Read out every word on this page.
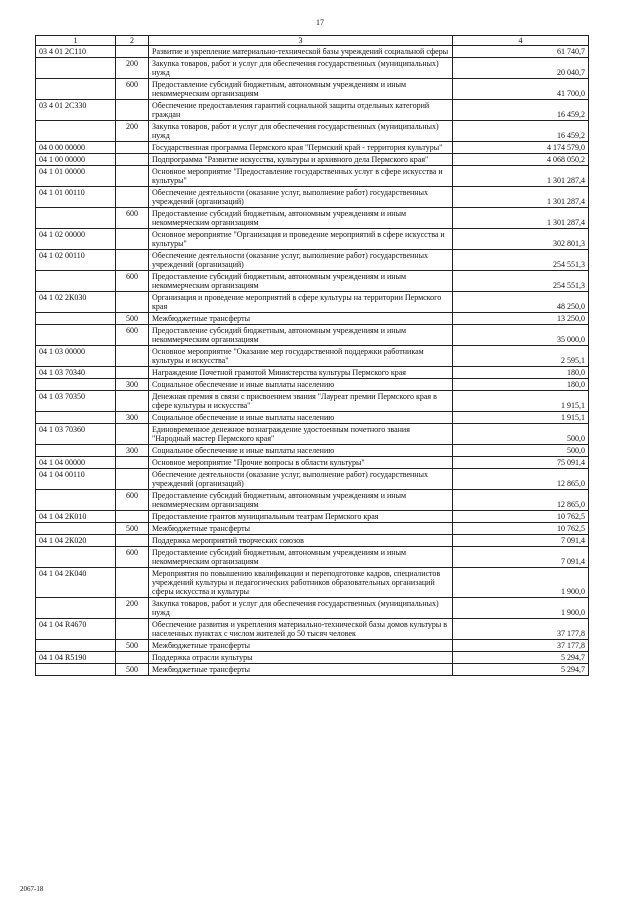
17
1	2	3	4
03 4 01 2С110		Развитие и укрепление материально-технической базы учреждений социальной сферы	61 740,7
	200	Закупка товаров, работ и услуг для обеспечения государственных (муниципальных) нужд	20 040,7
	600	Предоставление субсидий бюджетным, автономным учреждениям и иным некоммерческим организациям	41 700,0
03 4 01 2С330		Обеспечение предоставления гарантий социальной защиты отдельных категорий граждан	16 459,2
	200	Закупка товаров, работ и услуг для обеспечения государственных (муниципальных) нужд	16 459,2
04 0 00 00000		Государственная программа Пермского края "Пермский край - территория культуры"	4 174 579,0
04 1 00 00000		Подпрограмма "Развитие искусства, культуры и архивного дела Пермского края"	4 068 050,2
04 1 01 00000		Основное мероприятие "Предоставление государственных услуг в сфере искусства и культуры"	1 301 287,4
04 1 01 00110		Обеспечение деятельности (оказание услуг, выполнение работ) государственных учреждений (организаций)	1 301 287,4
	600	Предоставление субсидий бюджетным, автономным учреждениям и иным некоммерческим организациям	1 301 287,4
04 1 02 00000		Основное мероприятие "Организация и проведение мероприятий в сфере искусства и культуры"	302 801,3
04 1 02 00110		Обеспечение деятельности (оказание услуг, выполнение работ) государственных учреждений (организаций)	254 551,3
	600	Предоставление субсидий бюджетным, автономным учреждениям и иным некоммерческим организациям	254 551,3
04 1 02 2К030		Организация и проведение мероприятий в сфере культуры на территории Пермского края	48 250,0
	500	Межбюджетные трансферты	13 250,0
	600	Предоставление субсидий бюджетным, автономным учреждениям и иным некоммерческим организациям	35 000,0
04 1 03 00000		Основное мероприятие "Оказание мер государственной поддержки работникам культуры и искусства"	2 595,1
04 1 03 70340		Награждение Почетной грамотой Министерства культуры Пермского края	180,0
	300	Социальное обеспечение и иные выплаты населению	180,0
04 1 03 70350		Денежная премия в связи с присвоением звания "Лауреат премии Пермского края в сфере культуры и искусства"	1 915,1
	300	Социальное обеспечение и иные выплаты населению	1 915,1
04 1 03 70360		Единовременное денежное вознаграждение удостоенным почетного звания "Народный мастер Пермского края"	500,0
	300	Социальное обеспечение и иные выплаты населению	500,0
04 1 04 00000		Основное мероприятие "Прочие вопросы в области культуры"	75 091,4
04 1 04 00110		Обеспечение деятельности (оказание услуг, выполнение работ) государственных учреждений (организаций)	12 865,0
	600	Предоставление субсидий бюджетным, автономным учреждениям и иным некоммерческим организациям	12 865,0
04 1 04 2К010		Предоставление грантов муниципальным театрам Пермского края	10 762,5
	500	Межбюджетные трансферты	10 762,5
04 1 04 2К020		Поддержка мероприятий творческих союзов	7 091,4
	600	Предоставление субсидий бюджетным, автономным учреждениям и иным некоммерческим организациям	7 091,4
04 1 04 2К040		Мероприятия по повышению квалификации и переподготовке кадров, специалистов учреждений культуры и педагогических работников образовательных организаций сферы искусства и культуры	1 900,0
	200	Закупка товаров, работ и услуг для обеспечения государственных (муниципальных) нужд	1 900,0
04 1 04 R4670		Обеспечение развития и укрепления материально-технической базы домов культуры в населенных пунктах с числом жителей до 50 тысяч человек	37 177,8
	500	Межбюджетные трансферты	37 177,8
04 1 04 R5190		Поддержка отрасли культуры	5 294,7
	500	Межбюджетные трансферты	5 294,7
2067-18
